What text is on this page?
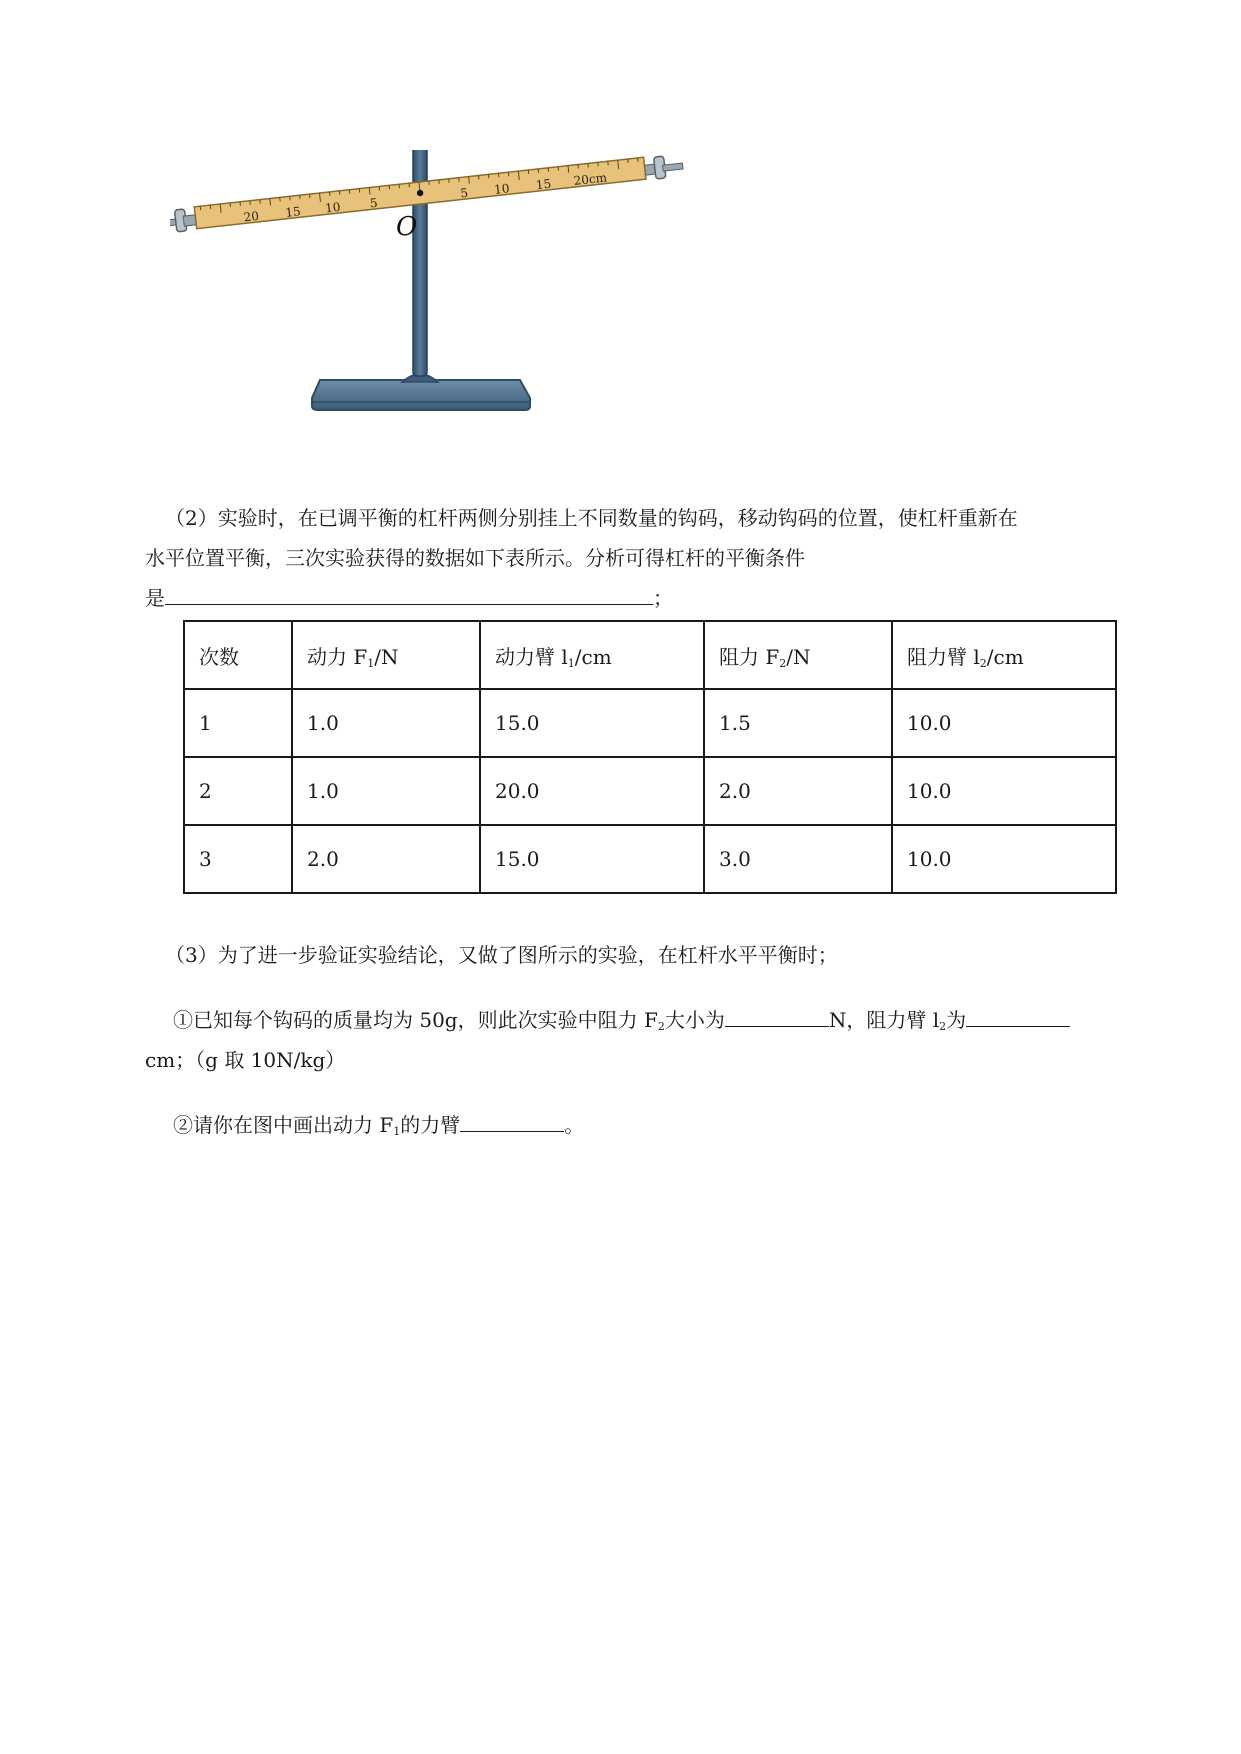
20 15 10 5
5 10 15 20cm
O
（2）实验时，在已调平衡的杠杆两侧分别挂上不同数量的钩码，移动钩码的位置，使杠杆重新在
水平位置平衡，三次实验获得的数据如下表所示。分析可得杠杆的平衡条件
是	；
次数	动力 $F_1/N$	动力臂 $l_1/cm$	阻力 $F_2/N$	阻力臂 $l_2/cm$
1	1.0	15.0	1.5	10.0
2	1.0	20.0	2.0	10.0
3	2.0	15.0	3.0	10.0
（3）为了进一步验证实验结论，又做了图所示的实验，在杠杆水平平衡时；
①已知每个钩码的质量均为 50g，则此次实验中阻力 $F_2$大小为	N，阻力臂 $l_2$为
cm；（g 取 10N/kg）
②请你在图中画出动力 $F_1$的力臂	。
